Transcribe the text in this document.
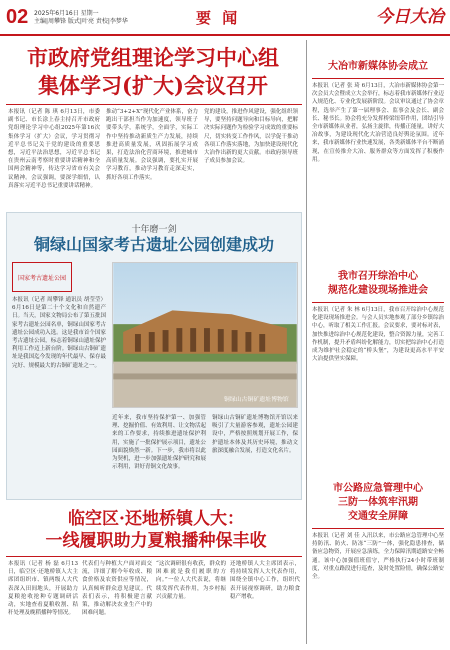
02 2025年6月16日 星期一
主编|周攀锋 版式|叶亮 责校|李梦华	要 闻	今日大冶
市政府党组理论学习中心组
集体学习(扩大)会议召开
本报讯（记者 陈 琪 6月13日，市委副书记、市长涂上春主持召开市政府党组理论学习中心组2025年第16次集体学习（扩大）会议，学习贯彻习近平总书记关于党的建设的重要思想，习近平法治思想，习近平总书记在贵州云南考察时重要讲话精神和全国两会精神等，传达学习省市有关会议精神。会议强调，要深学细悟，认真落实习近平总书记重要讲话精神。
推动“3+2+X”现代化产业体系，奋力跑出干部担当作为加速度，领导班子要带头学，系统学，全面学，实际工作中坚持推动新质生产力发展，持续推进高质量发展，巩固拓展学习成果，打造法治化营商环境，推进城市高质量发展。会议强调，要扎实开展学习教育，推动学习教育走深走实，抓好各项工作落实。
党的建设，推进作风建设，强化组织领导，要坚持问题导向和目标导向，把解决实际问题作为检验学习成效的重要标尺，切实转变工作作风，以学促干推动各项工作落实落地，为加快建设现代化大冶作出新的更大贡献。市政府领导班子成员参加会议。
十年磨一剑
铜绿山国家考古遗址公园创建成功
国家考古遗址公园
本报讯（记者 周攀锋 通讯员 胡莹莹）6月16日是第二十个文化和自然遗产日。当天，国家文物局公布了第五批国家考古遗址公园名单，铜绿山国家考古遗址公园成功入选。这是我市首个国家考古遗址公园，标志着铜绿山遗址保护利用工作迈上新台阶。铜绿山古铜矿遗址是我国迄今发现的年代最早、保存最完好、规模最大的古铜矿遗址之一。
近年来，我市坚持保护第一、加强管理、挖掘价值、有效利用、让文物活起来的工作要求，持续推进遗址保护利用，实施了一批保护展示项目，遗址公园面貌焕然一新。下一步，我市将以此为契机，进一步加强遗址保护研究和展示利用，讲好青铜文化故事。
铜绿山古铜矿遗址博物馆开馆以来吸引了大量游客参观，遗址公园建设中，严格按照规划开展工作，保护遗址本体及其历史环境，推动文旅深度融合发展，打造文化名片。
铜绿山古铜矿遗址博物馆
临空区·还地桥镇人大：
一线履职助力夏粮播种保丰收
本报讯（记者 杨 磊 6月13日，临空区·还地桥镇人大主席团组织市、镇两级人大代表深入田间地头，开展助力夏粮抢收抢种专题调研活动，实地查看夏粮收割、秸秆处理及晚稻播种等情况。
代表们与种植大户面对面交流，详细了解今年收成、粮食价格及农资供应等情况，认真倾听群众意见建议。代表们表示，将积极建言献策，推动解决农业生产中的困难问题。
“这次调研很有收获，群众的困难就是我们履职的方向。”一位人大代表说，将继续发挥代表作用，为乡村振兴贡献力量。
还地桥镇人大主席团表示，将持续发挥人大代表作用，围绕全镇中心工作，组织代表开展视察调研，助力粮食稳产增收。
大冶市新媒体协会成立
本报讯（记者 张 琦 6月13日，大冶市新媒体协会第一次会员大会暨成立大会举行，标志着我市新媒体行业迈入规范化、专业化发展新阶段。会议审议通过了协会章程，选举产生了第一届理事会、监事会及会长、副会长、秘书长。协会将充分发挥桥梁纽带作用，团结引导全市新媒体从业者，弘扬主旋律，传播正能量，讲好大冶故事，为建设现代化大冶营造良好舆论氛围。近年来，我市新媒体行业快速发展，各类新媒体平台不断涌现，在宣传推介大冶、服务群众等方面发挥了积极作用。
我市召开综治中心
规范化建设现场推进会
本报讯（记者 朱 林 6月13日，我市召开综治中心规范化建设现场推进会。与会人员实地参观了部分乡镇综治中心，听取了相关工作汇报。会议要求，要对标对表，加快推进综治中心规范化建设，整合资源力量，完善工作机制，提升矛盾纠纷化解能力，切实把综治中心打造成为维护社会稳定的“桥头堡”，为建设更高水平平安大冶提供坚实保障。
市公路应急管理中心
三防一体筑牢汛期
交通安全屏障
本报讯（记者 刘 佳 入汛以来，市公路应急管理中心坚持防汛、防火、防冻“三防”一体，强化隐患排查，储备应急物资，开展应急演练，全力保障汛期道路安全畅通。该中心加强值班值守，严格执行24小时带班制度，对重点路段进行巡查，及时处置险情，确保公路安全。
